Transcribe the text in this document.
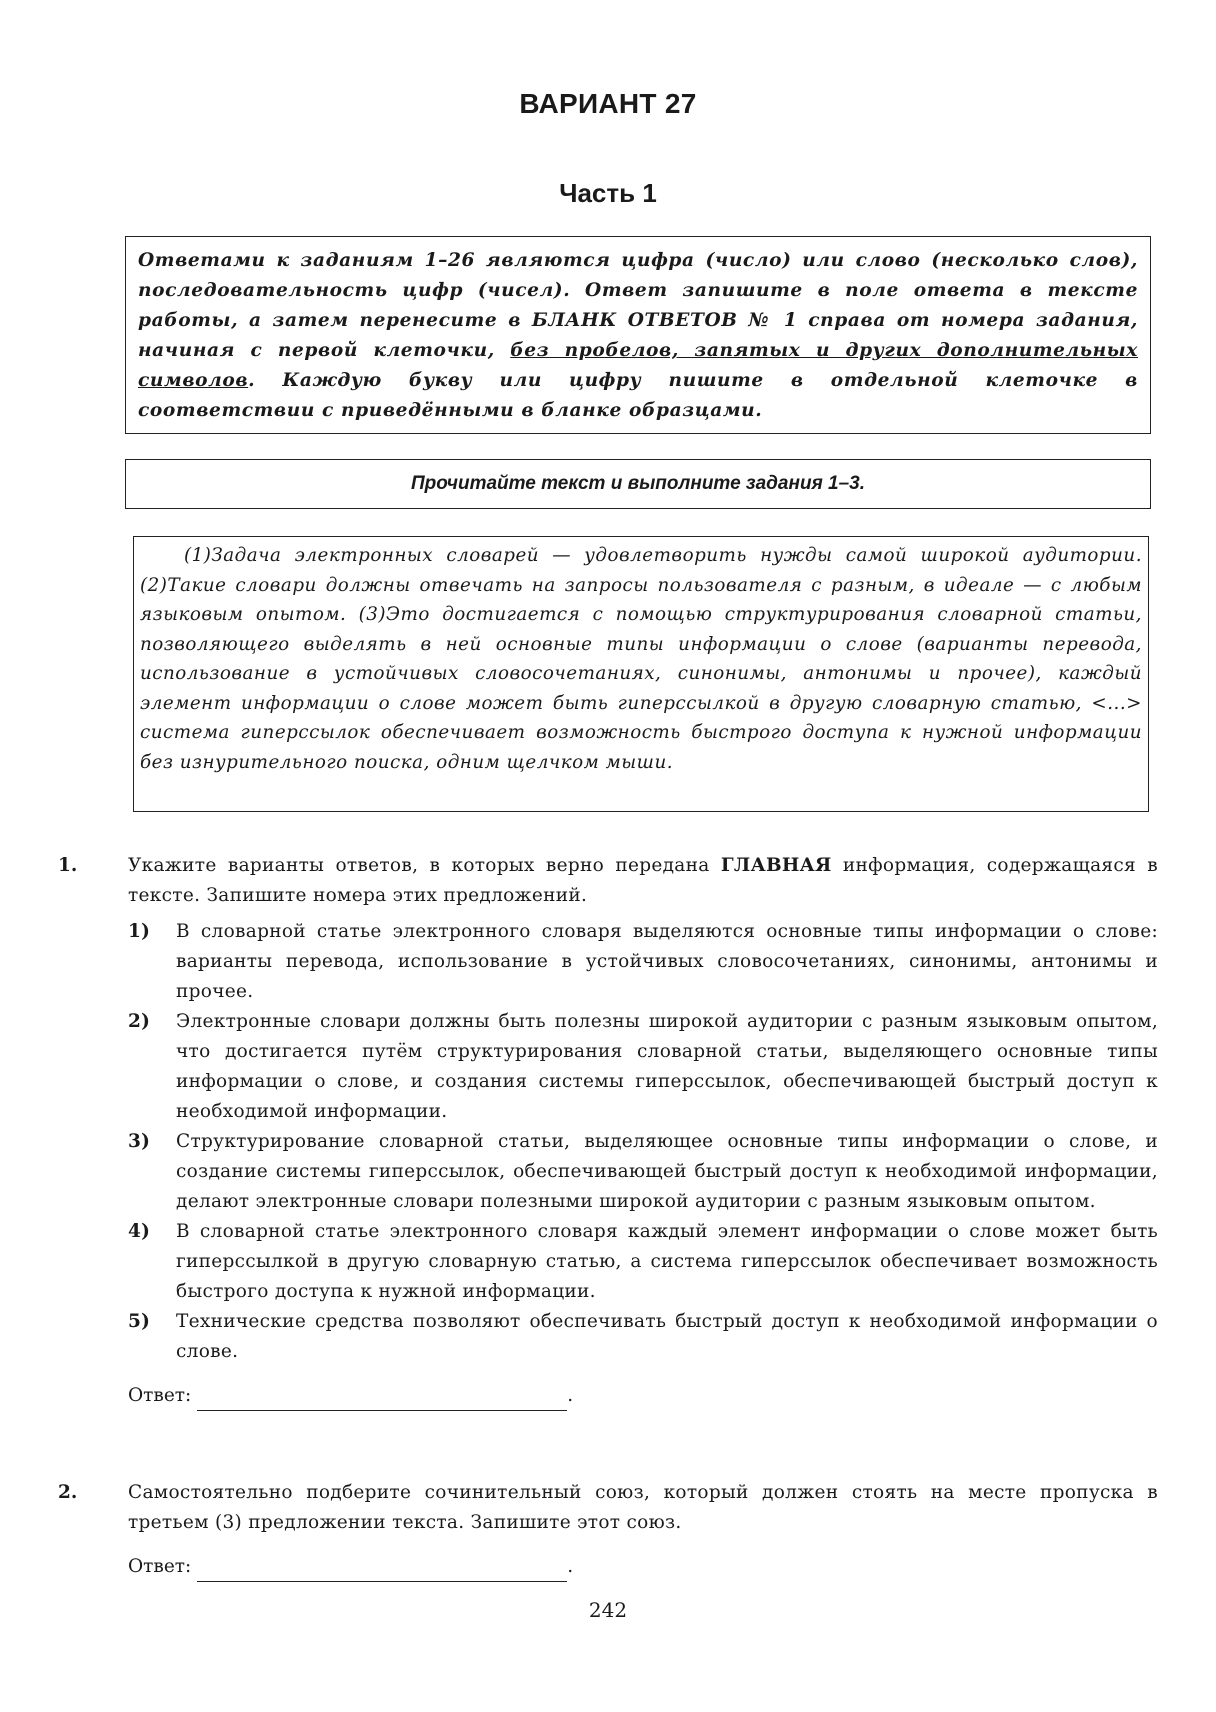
ВАРИАНТ 27
Часть 1
Ответами к заданиям 1–26 являются цифра (число) или слово (несколько слов), последовательность цифр (чисел). Ответ запишите в поле ответа в тексте работы, а затем перенесите в БЛАНК ОТВЕТОВ № 1 справа от номера задания, начиная с первой клеточки, без пробелов, запятых и других дополнительных символов. Каждую букву или цифру пишите в отдельной клеточке в соответствии с приведёнными в бланке образцами.
Прочитайте текст и выполните задания 1–3.
(1)Задача электронных словарей — удовлетворить нужды самой широкой аудитории. (2)Такие словари должны отвечать на запросы пользователя с разным, в идеале — с любым языковым опытом. (3)Это достигается с помощью структурирования словарной статьи, позволяющего выделять в ней основные типы информации о слове (варианты перевода, использование в устойчивых словосочетаниях, синонимы, антонимы и прочее), каждый элемент информации о слове может быть гиперссылкой в другую словарную статью, <...> система гиперссылок обеспечивает возможность быстрого доступа к нужной информации без изнурительного поиска, одним щелчком мыши.
1.	Укажите варианты ответов, в которых верно передана ГЛАВНАЯ информация, содержащаяся в тексте. Запишите номера этих предложений.
1) В словарной статье электронного словаря выделяются основные типы информации о слове: варианты перевода, использование в устойчивых словосочетаниях, синонимы, антонимы и прочее.
2) Электронные словари должны быть полезны широкой аудитории с разным языковым опытом, что достигается путём структурирования словарной статьи, выделяющего основные типы информации о слове, и создания системы гиперссылок, обеспечивающей быстрый доступ к необходимой информации.
3) Структурирование словарной статьи, выделяющее основные типы информации о слове, и создание системы гиперссылок, обеспечивающей быстрый доступ к необходимой информации, делают электронные словари полезными широкой аудитории с разным языковым опытом.
4) В словарной статье электронного словаря каждый элемент информации о слове может быть гиперссылкой в другую словарную статью, а система гиперссылок обеспечивает возможность быстрого доступа к нужной информации.
5) Технические средства позволяют обеспечивать быстрый доступ к необходимой информации о слове.
Ответ:	.
2.	Самостоятельно подберите сочинительный союз, который должен стоять на месте пропуска в третьем (3) предложении текста. Запишите этот союз.
Ответ:	.
242
